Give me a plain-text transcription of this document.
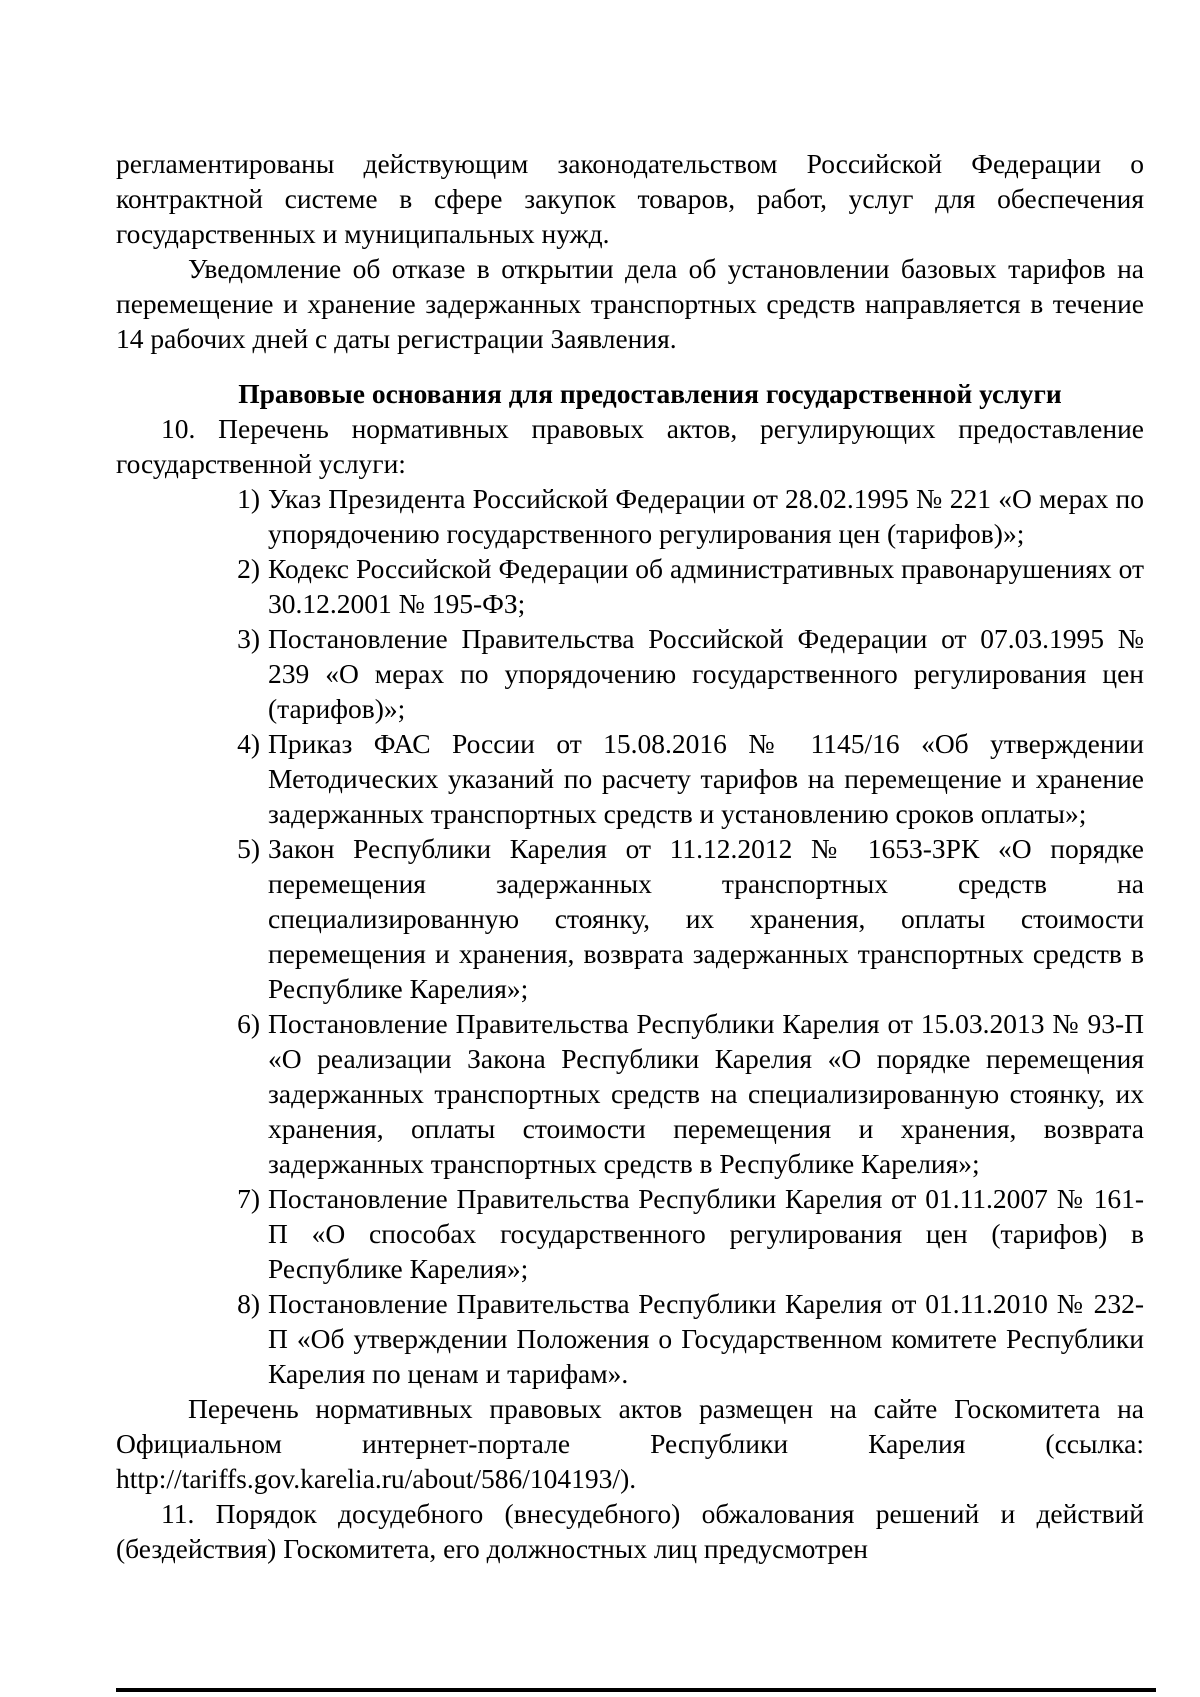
регламентированы действующим законодательством Российской Федерации о контрактной системе в сфере закупок товаров, работ, услуг для обеспечения государственных и муниципальных нужд.

Уведомление об отказе в открытии дела об установлении базовых тарифов на перемещение и хранение задержанных транспортных средств направляется в течение 14 рабочих дней с даты регистрации Заявления.

Правовые основания для предоставления государственной услуги

10. Перечень нормативных правовых актов, регулирующих предоставление государственной услуги:

1) Указ Президента Российской Федерации от 28.02.1995 № 221 «О мерах по упорядочению государственного регулирования цен (тарифов)»;
2) Кодекс Российской Федерации об административных правонарушениях от 30.12.2001 № 195-ФЗ;
3) Постановление Правительства Российской Федерации от 07.03.1995 № 239 «О мерах по упорядочению государственного регулирования цен (тарифов)»;
4) Приказ ФАС России от 15.08.2016 № 1145/16 «Об утверждении Методических указаний по расчету тарифов на перемещение и хранение задержанных транспортных средств и установлению сроков оплаты»;
5) Закон Республики Карелия от 11.12.2012 № 1653-ЗРК «О порядке перемещения задержанных транспортных средств на специализированную стоянку, их хранения, оплаты стоимости перемещения и хранения, возврата задержанных транспортных средств в Республике Карелия»;
6) Постановление Правительства Республики Карелия от 15.03.2013 № 93-П «О реализации Закона Республики Карелия «О порядке перемещения задержанных транспортных средств на специализированную стоянку, их хранения, оплаты стоимости перемещения и хранения, возврата задержанных транспортных средств в Республике Карелия»;
7) Постановление Правительства Республики Карелия от 01.11.2007 № 161-П «О способах государственного регулирования цен (тарифов) в Республике Карелия»;
8) Постановление Правительства Республики Карелия от 01.11.2010 № 232-П «Об утверждении Положения о Государственном комитете Республики Карелия по ценам и тарифам».

Перечень нормативных правовых актов размещен на сайте Госкомитета на Официальном интернет-портале Республики Карелия (ссылка: http://tariffs.gov.karelia.ru/about/586/104193/).

11. Порядок досудебного (внесудебного) обжалования решений и действий (бездействия) Госкомитета, его должностных лиц предусмотрен
